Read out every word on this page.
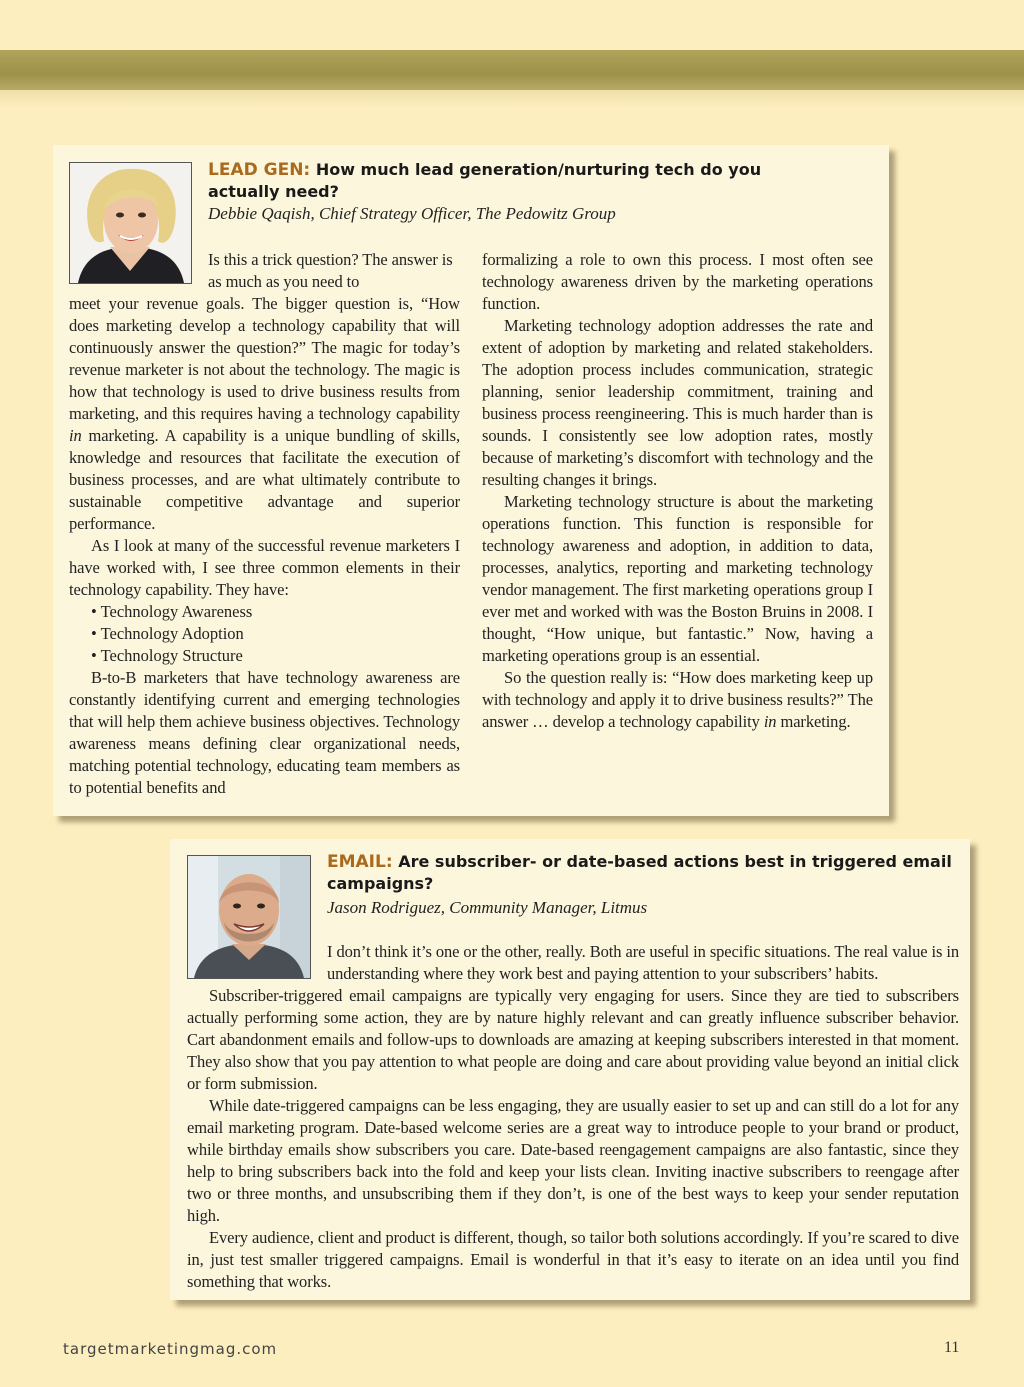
LEAD GEN: How much lead generation/nurturing tech do you actually need?
Debbie Qaqish, Chief Strategy Officer, The Pedowitz Group

Is this a trick question? The answer is as much as you need to
meet your revenue goals. The bigger question is, “How does marketing develop a technology capability that will continuously answer the question?” The magic for today’s revenue marketer is not about the technology. The magic is how that technology is used to drive business results from marketing, and this requires having a technology capability in marketing. A capability is a unique bundling of skills, knowledge and resources that facilitate the execution of business processes, and are what ultimately contribute to sustainable competitive advantage and superior performance.

As I look at many of the successful revenue marketers I have worked with, I see three common elements in their technology capability. They have:

• Technology Awareness
• Technology Adoption
• Technology Structure

B-to-B marketers that have technology awareness are constantly identifying current and emerging technologies that will help them achieve business objectives. Technology awareness means defining clear organizational needs, matching potential technology, educating team members as to potential benefits and

formalizing a role to own this process. I most often see technology awareness driven by the marketing operations function.

Marketing technology adoption addresses the rate and extent of adoption by marketing and related stakeholders. The adoption process includes communication, strategic planning, senior leadership commitment, training and business process reengineering. This is much harder than is sounds. I consistently see low adoption rates, mostly because of marketing’s discomfort with technology and the resulting changes it brings.

Marketing technology structure is about the marketing operations function. This function is responsible for technology awareness and adoption, in addition to data, processes, analytics, reporting and marketing technology vendor management. The first marketing operations group I ever met and worked with was the Boston Bruins in 2008. I thought, “How unique, but fantastic.” Now, having a marketing operations group is an essential.

So the question really is: “How does marketing keep up with technology and apply it to drive business results?” The answer … develop a technology capability in marketing.

EMAIL: Are subscriber- or date-based actions best in triggered email campaigns?
Jason Rodriguez, Community Manager, Litmus

I don’t think it’s one or the other, really. Both are useful in specific situations. The real value is in understanding where they work best and paying attention to your subscribers’ habits.

Subscriber-triggered email campaigns are typically very engaging for users. Since they are tied to subscribers actually performing some action, they are by nature highly relevant and can greatly influence subscriber behavior. Cart abandonment emails and follow-ups to downloads are amazing at keeping subscribers interested in that moment. They also show that you pay attention to what people are doing and care about providing value beyond an initial click or form submission.

While date-triggered campaigns can be less engaging, they are usually easier to set up and can still do a lot for any email marketing program. Date-based welcome series are a great way to introduce people to your brand or product, while birthday emails show subscribers you care. Date-based reengagement campaigns are also fantastic, since they help to bring subscribers back into the fold and keep your lists clean. Inviting inactive subscribers to reengage after two or three months, and unsubscribing them if they don’t, is one of the best ways to keep your sender reputation high.

Every audience, client and product is different, though, so tailor both solutions accordingly. If you’re scared to dive in, just test smaller triggered campaigns. Email is wonderful in that it’s easy to iterate on an idea until you find something that works.

targetmarketingmag.com	11
